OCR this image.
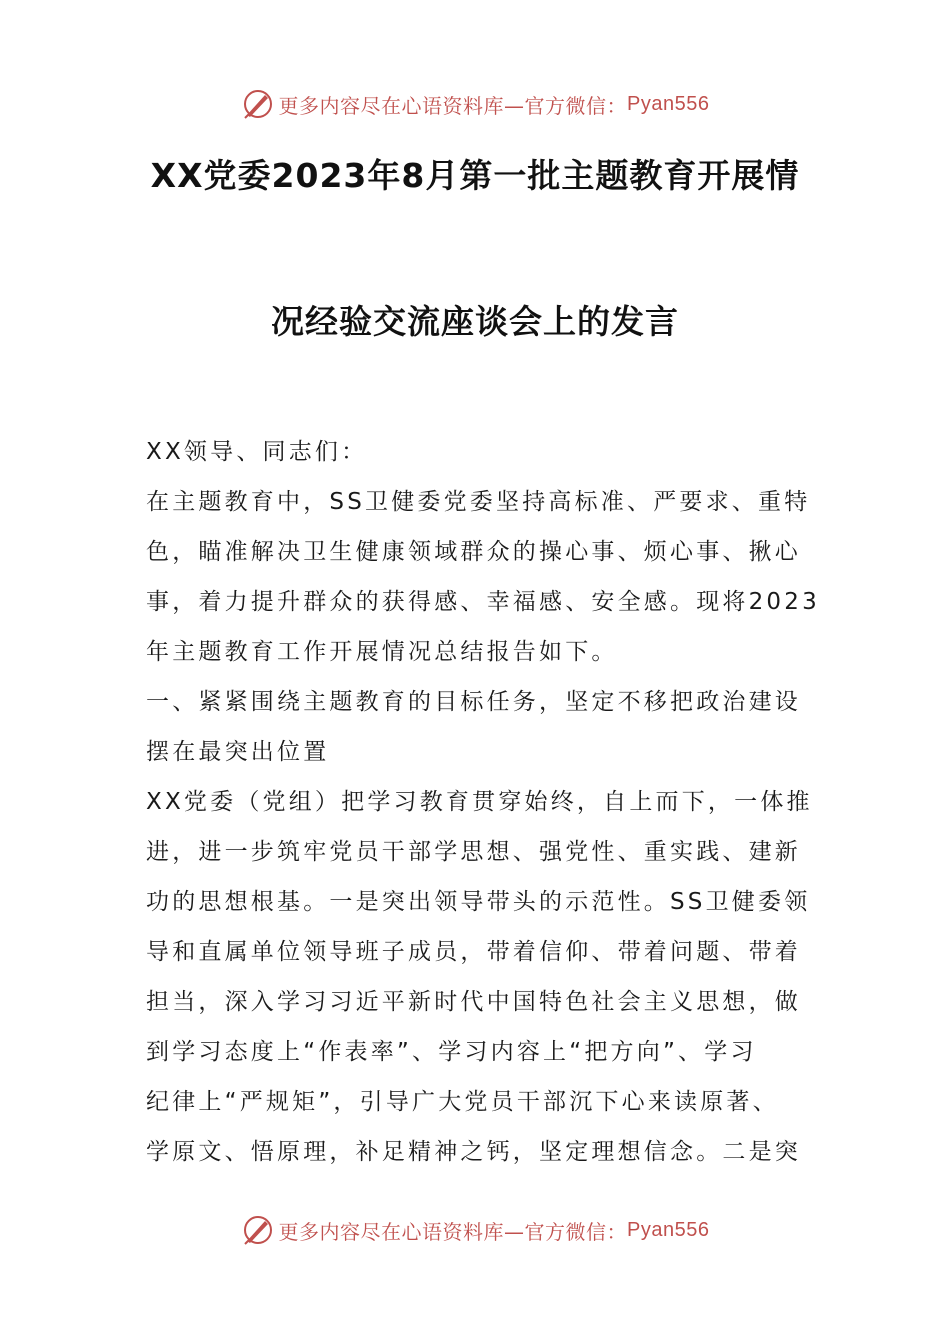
更多内容尽在心语资料库—官方微信： Pyan556
XX党委2023年8月第一批主题教育开展情
况经验交流座谈会上的发言
XX领导、同志们：
在主题教育中，SS卫健委党委坚持高标准、严要求、重特
色，瞄准解决卫生健康领域群众的操心事、烦心事、揪心
事，着力提升群众的获得感、幸福感、安全感。现将2023
年主题教育工作开展情况总结报告如下。
一、紧紧围绕主题教育的目标任务，坚定不移把政治建设
摆在最突出位置
XX党委（党组）把学习教育贯穿始终，自上而下，一体推
进，进一步筑牢党员干部学思想、强党性、重实践、建新
功的思想根基。一是突出领导带头的示范性。SS卫健委领
导和直属单位领导班子成员，带着信仰、带着问题、带着
担当，深入学习习近平新时代中国特色社会主义思想，做
到学习态度上“作表率”、学习内容上“把方向”、学习
纪律上“严规矩”，引导广大党员干部沉下心来读原著、
学原文、悟原理，补足精神之钙，坚定理想信念。二是突
更多内容尽在心语资料库—官方微信： Pyan556
